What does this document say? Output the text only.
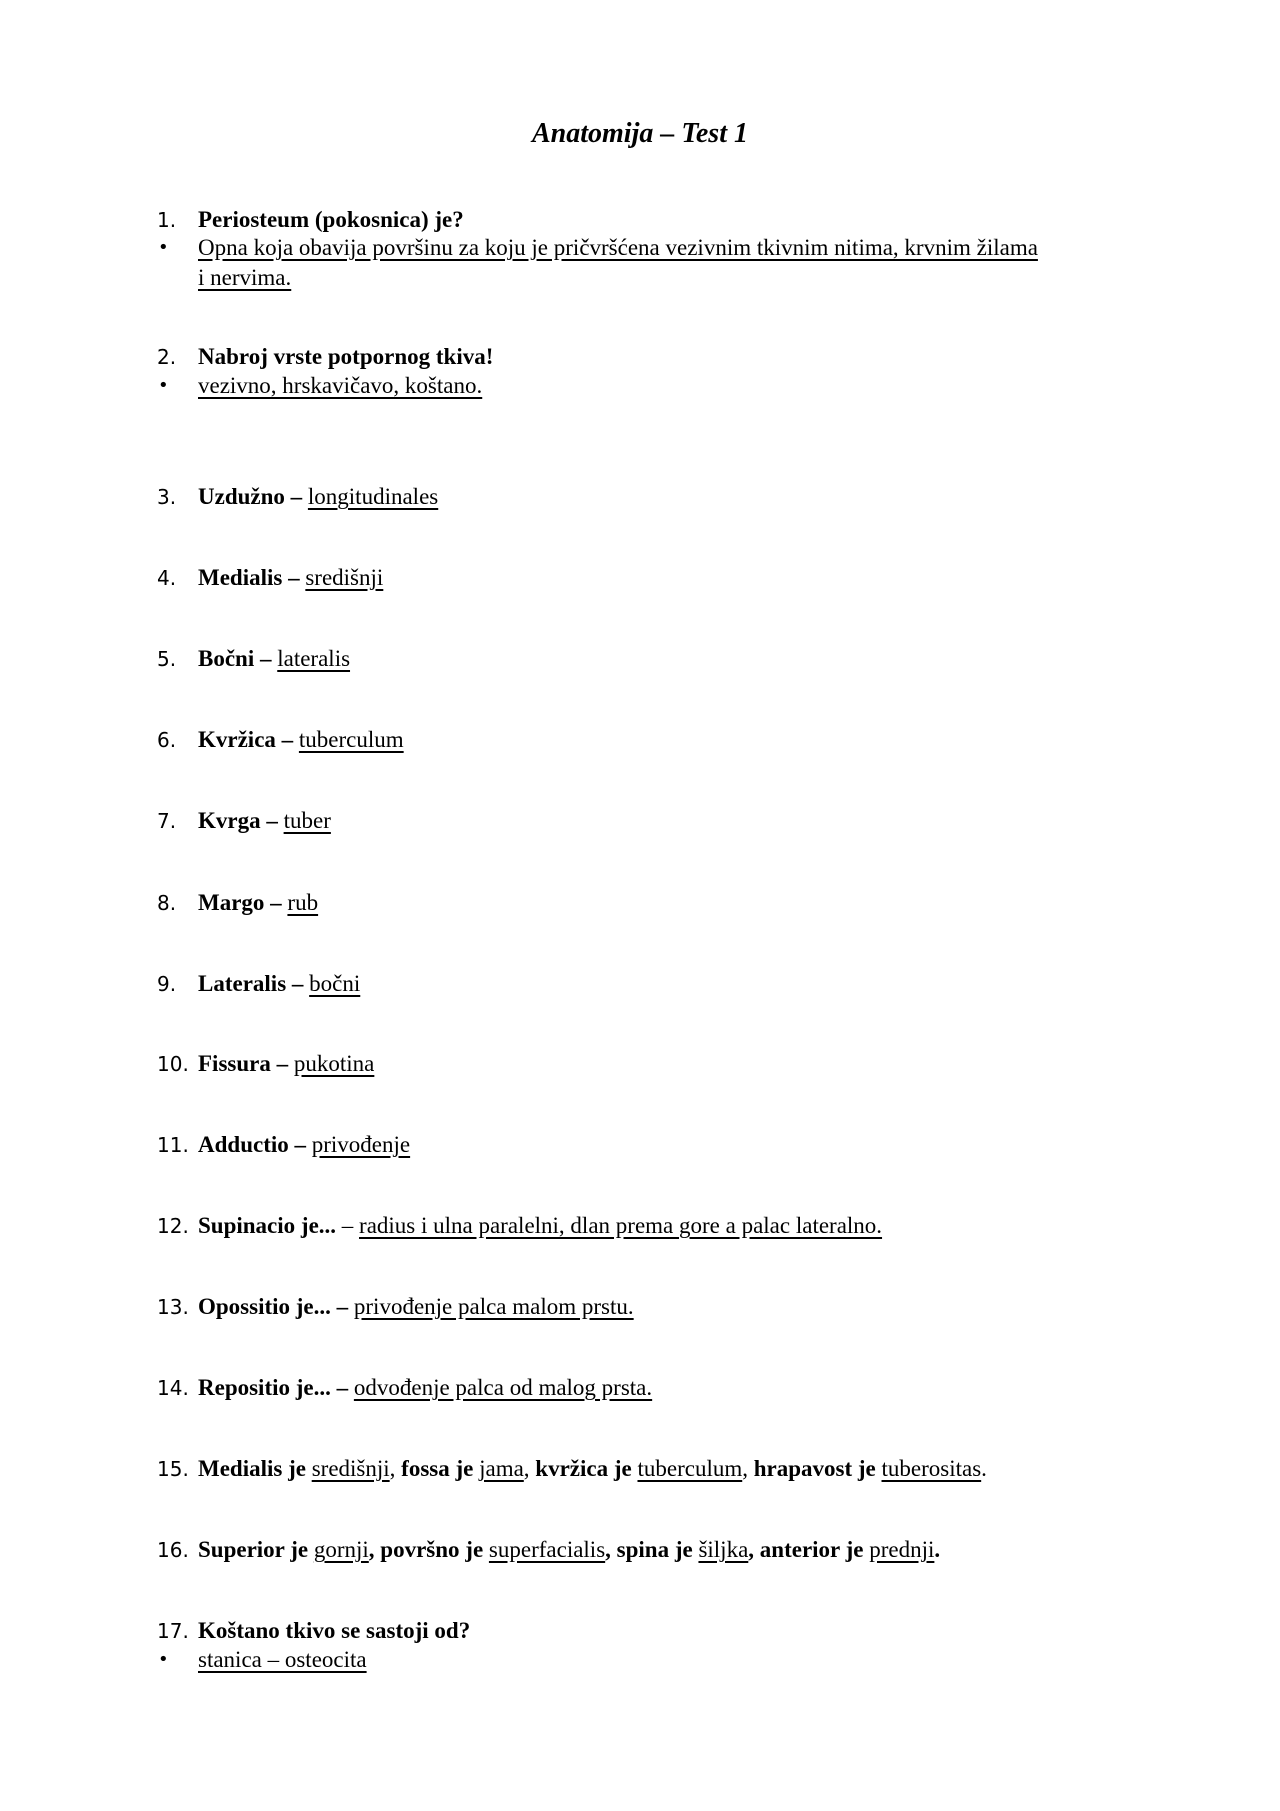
Anatomija – Test 1
1. Periosteum (pokosnica) je?
• Opna koja obavija površinu za koju je pričvršćena vezivnim tkivnim nitima, krvnim žilama
i nervima.
2. Nabroj vrste potpornog tkiva!
• vezivno, hrskavičavo, koštano.
3. Uzdužno – longitudinales
4. Medialis – središnji
5. Bočni – lateralis
6. Kvržica – tuberculum
7. Kvrga – tuber
8. Margo – rub
9. Lateralis – bočni
10. Fissura – pukotina
11. Adductio – privođenje
12. Supinacio je... – radius i ulna paralelni, dlan prema gore a palac lateralno.
13. Opossitio je... – privođenje palca malom prstu.
14. Repositio je... – odvođenje palca od malog prsta.
15. Medialis je središnji, fossa je jama, kvržica je tuberculum, hrapavost je tuberositas.
16. Superior je gornji, površno je superfacialis, spina je šiljka, anterior je prednji.
17. Koštano tkivo se sastoji od?
• stanica – osteocita
